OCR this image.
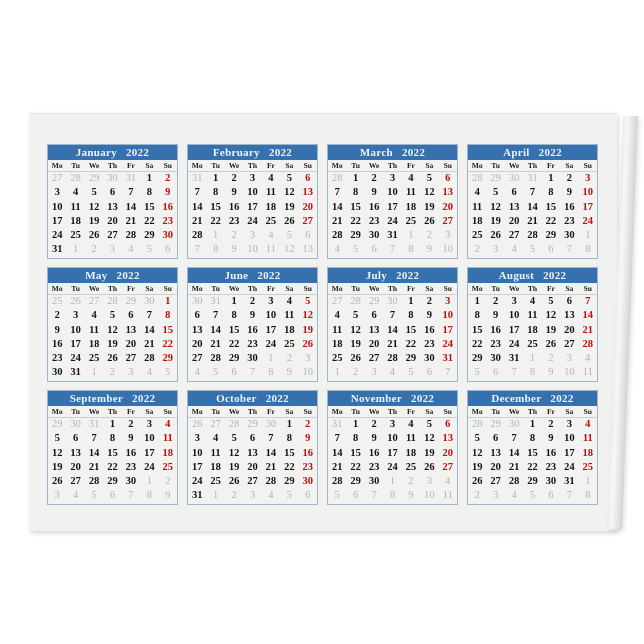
January 2022
Mo	Tu	We	Th	Fr	Sa	Su
27 28 29 30 31	1	2
3	4	5	6	7	8	9
10 11 12 13 14 15 16
17 18 19 20 21 22 23
24 25 26 27 28 29 30
31	1	2	3	4	5	6
February 2022
Mo	Tu	We	Th	Fr	Sa	Su
31	1	2	3	4	5	6
7	8	9	10 11 12 13
14 15 16 17 18 19 20
21 22 23 24 25 26 27
28	1	2	3	4	5	6
7	8	9	10 11 12 13
March 2022
Mo	Tu	We	Th	Fr	Sa	Su
28	1	2	3	4	5	6
7	8	9	10 11 12 13
14 15 16 17 18 19 20
21 22 23 24 25 26 27
28 29 30 31	1	2	3
4	5	6	7	8	9	10
April 2022
Mo	Tu	We	Th	Fr	Sa	Su
28 29 30 31	1	2	3
4	5	6	7	8	9	10
11 12 13 14 15 16 17
18 19 20 21 22 23 24
25 26 27 28 29 30	1
2	3	4	5	6	7	8
May 2022
Mo	Tu	We	Th	Fr	Sa	Su
25 26 27 28 29 30	1
2	3	4	5	6	7	8
9	10 11 12 13 14 15
16 17 18 19 20 21 22
23 24 25 26 27 28 29
30 31	1	2	3	4	5
June 2022
Mo	Tu	We	Th	Fr	Sa	Su
30 31	1	2	3	4	5
6	7	8	9	10 11 12
13 14 15 16 17 18 19
20 21 22 23 24 25 26
27 28 29 30	1	2	3
4	5	6	7	8	9	10
July 2022
Mo	Tu	We	Th	Fr	Sa	Su
27 28 29 30	1	2	3
4	5	6	7	8	9	10
11 12 13 14 15 16 17
18 19 20 21 22 23 24
25 26 27 28 29 30 31
1	2	3	4	5	6	7
August 2022
Mo	Tu	We	Th	Fr	Sa	Su
1	2	3	4	5	6	7
8	9	10 11 12 13 14
15 16 17 18 19 20 21
22 23 24 25 26 27 28
29 30 31	1	2	3	4
5	6	7	8	9	10 11
September 2022
Mo	Tu	We	Th	Fr	Sa	Su
29 30 31	1	2	3	4
5	6	7	8	9	10 11
12 13 14 15 16 17 18
19 20 21 22 23 24 25
26 27 28 29 30	1	2
3	4	5	6	7	8	9
October 2022
Mo	Tu	We	Th	Fr	Sa	Su
26 27 28 29 30	1	2
3	4	5	6	7	8	9
10 11 12 13 14 15 16
17 18 19 20 21 22 23
24 25 26 27 28 29 30
31	1	2	3	4	5	6
November 2022
Mo	Tu	We	Th	Fr	Sa	Su
31	1	2	3	4	5	6
7	8	9	10 11 12 13
14 15 16 17 18 19 20
21 22 23 24 25 26 27
28 29 30	1	2	3	4
5	6	7	8	9	10 11
December 2022
Mo	Tu	We	Th	Fr	Sa	Su
28 29 30	1	2	3	4
5	6	7	8	9	10 11
12 13 14 15 16 17 18
19 20 21 22 23 24 25
26 27 28 29 30 31	1
2	3	4	5	6	7	8
